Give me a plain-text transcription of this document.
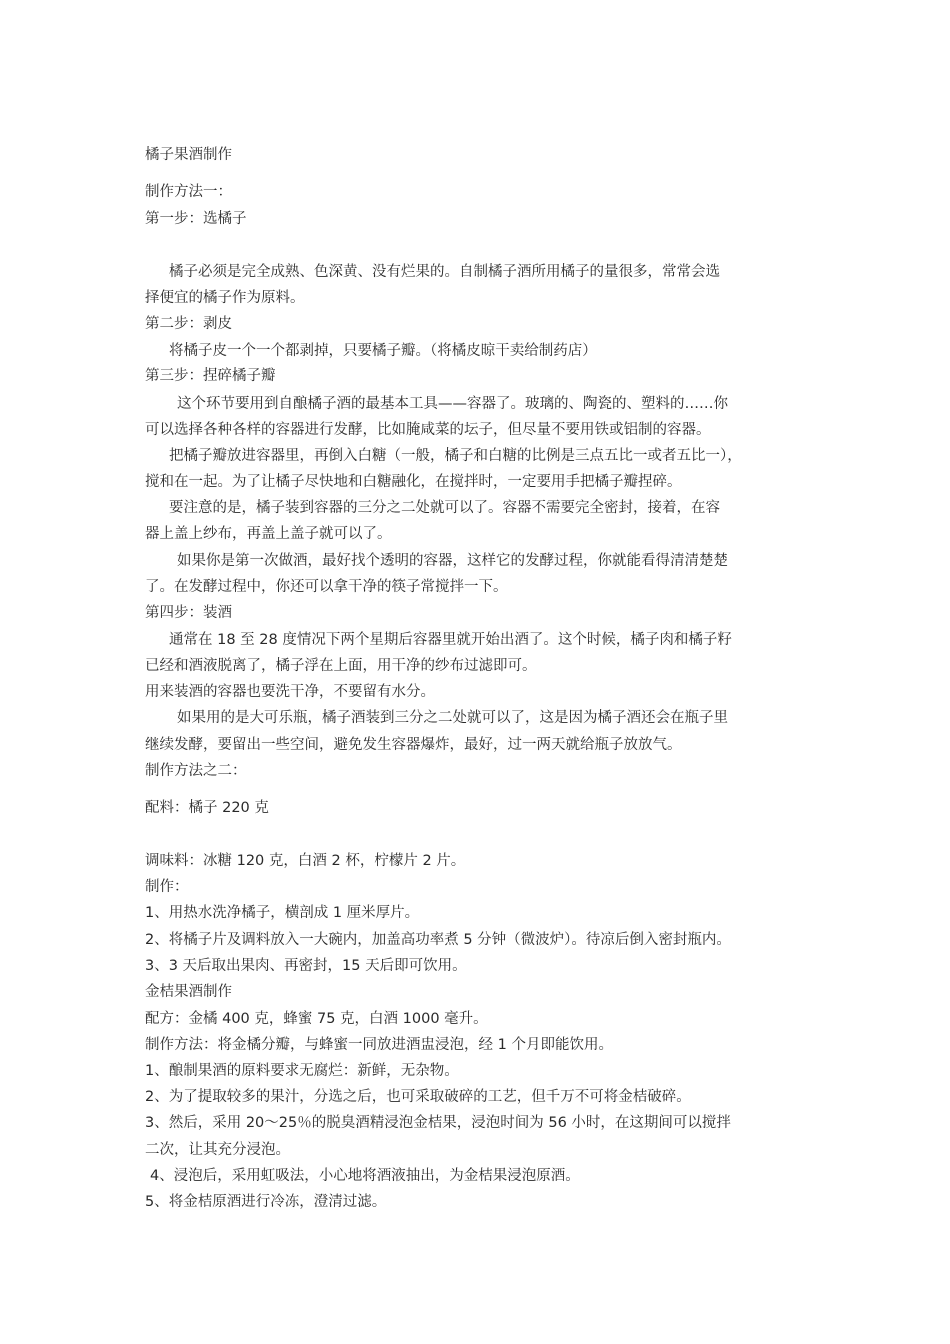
橘子果酒制作
制作方法一：
第一步：选橘子
橘子必须是完全成熟、色深黄、没有烂果的。自制橘子酒所用橘子的量很多，常常会选
择便宜的橘子作为原料。
第二步：剥皮
将橘子皮一个一个都剥掉，只要橘子瓣。（将橘皮晾干卖给制药店）
第三步：捏碎橘子瓣
这个环节要用到自酿橘子酒的最基本工具——容器了。玻璃的、陶瓷的、塑料的……你
可以选择各种各样的容器进行发酵，比如腌咸菜的坛子，但尽量不要用铁或铝制的容器。
把橘子瓣放进容器里，再倒入白糖（一般，橘子和白糖的比例是三点五比一或者五比一），
搅和在一起。为了让橘子尽快地和白糖融化，在搅拌时，一定要用手把橘子瓣捏碎。
要注意的是，橘子装到容器的三分之二处就可以了。容器不需要完全密封，接着，在容
器上盖上纱布，再盖上盖子就可以了。
如果你是第一次做酒，最好找个透明的容器，这样它的发酵过程，你就能看得清清楚楚
了。在发酵过程中，你还可以拿干净的筷子常搅拌一下。
第四步：装酒
通常在 18 至 28 度情况下两个星期后容器里就开始出酒了。这个时候，橘子肉和橘子籽
已经和酒液脱离了，橘子浮在上面，用干净的纱布过滤即可。
用来装酒的容器也要洗干净，不要留有水分。
如果用的是大可乐瓶，橘子酒装到三分之二处就可以了，这是因为橘子酒还会在瓶子里
继续发酵，要留出一些空间，避免发生容器爆炸，最好，过一两天就给瓶子放放气。
制作方法之二：
配料：橘子 220 克
调味料：冰糖 120 克，白酒 2 杯，柠檬片 2 片。
制作：
1、用热水洗净橘子，横剖成 1 厘米厚片。
2、将橘子片及调料放入一大碗内，加盖高功率煮 5 分钟（微波炉）。待凉后倒入密封瓶内。
3、3 天后取出果肉、再密封，15 天后即可饮用。
金桔果酒制作
配方：金橘 400 克，蜂蜜 75 克，白酒 1000 毫升。
制作方法：将金橘分瓣，与蜂蜜一同放进酒盅浸泡，经 1 个月即能饮用。
1、酿制果酒的原料要求无腐烂：新鲜，无杂物。
2、为了提取较多的果汁，分选之后，也可采取破碎的工艺，但千万不可将金桔破碎。
3、然后，采用 20～25％的脱臭酒精浸泡金桔果，浸泡时间为 56 小时，在这期间可以搅拌
二次，让其充分浸泡。
4、浸泡后，采用虹吸法，小心地将酒液抽出，为金桔果浸泡原酒。
5、将金桔原酒进行冷冻，澄清过滤。
